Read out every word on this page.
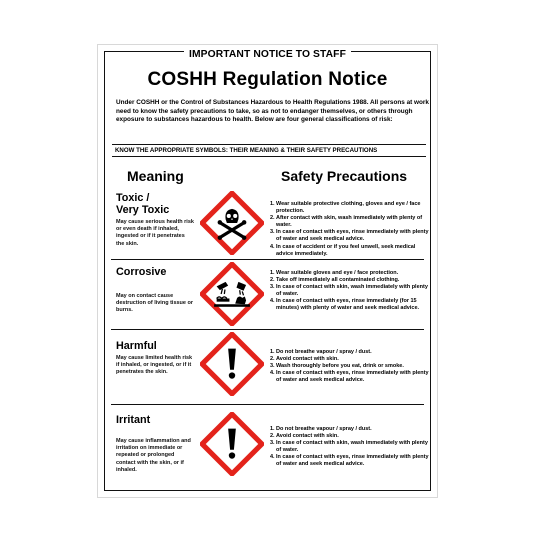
IMPORTANT NOTICE TO STAFF
COSHH Regulation Notice
Under COSHH or the Control of Substances Hazardous to Health Regulations 1988. All persons at work need to know the safety precautions to take, so as not to endanger themselves, or others through exposure to substances hazardous to health. Below are four general classifications of risk:
KNOW THE APPROPRIATE SYMBOLS: THEIR MEANING & THEIR SAFETY PRECAUTIONS
Meaning	Safety Precautions
Toxic /
Very Toxic
May cause serious health risk or even death if inhaled, ingested or if it penetrates the skin.
1. Wear suitable protective clothing, gloves and eye / face protection.
2. After contact with skin, wash immediately with plenty of water.
3. In case of contact with eyes, rinse immediately with plenty of water and seek medical advice.
4. In case of accident or if you feel unwell, seek medical advice immediately.
Corrosive
May on contact cause destruction of living tissue or burns.
1. Wear suitable gloves and eye / face protection.
2. Take off immediately all contaminated clothing.
3. In case of contact with skin, wash immediately with plenty of water.
4. In case of contact with eyes, rinse immediately (for 15 minutes) with plenty of water and seek medical advice.
Harmful
May cause limited health risk if inhaled, or ingested, or if it penetrates the skin.
1. Do not breathe vapour / spray / dust.
2. Avoid contact with skin.
3. Wash thoroughly before you eat, drink or smoke.
4. In case of contact with eyes, rinse immediately with plenty of water and seek medical advice.
Irritant
May cause inflammation and irritation on immediate or repeated or prolonged contact with the skin, or if inhaled.
1. Do not breathe vapour / spray / dust.
2. Avoid contact with skin.
3. In case of contact with skin, wash immediately with plenty of water.
4. In case of contact with eyes, rinse immediately with plenty of water and seek medical advice.
